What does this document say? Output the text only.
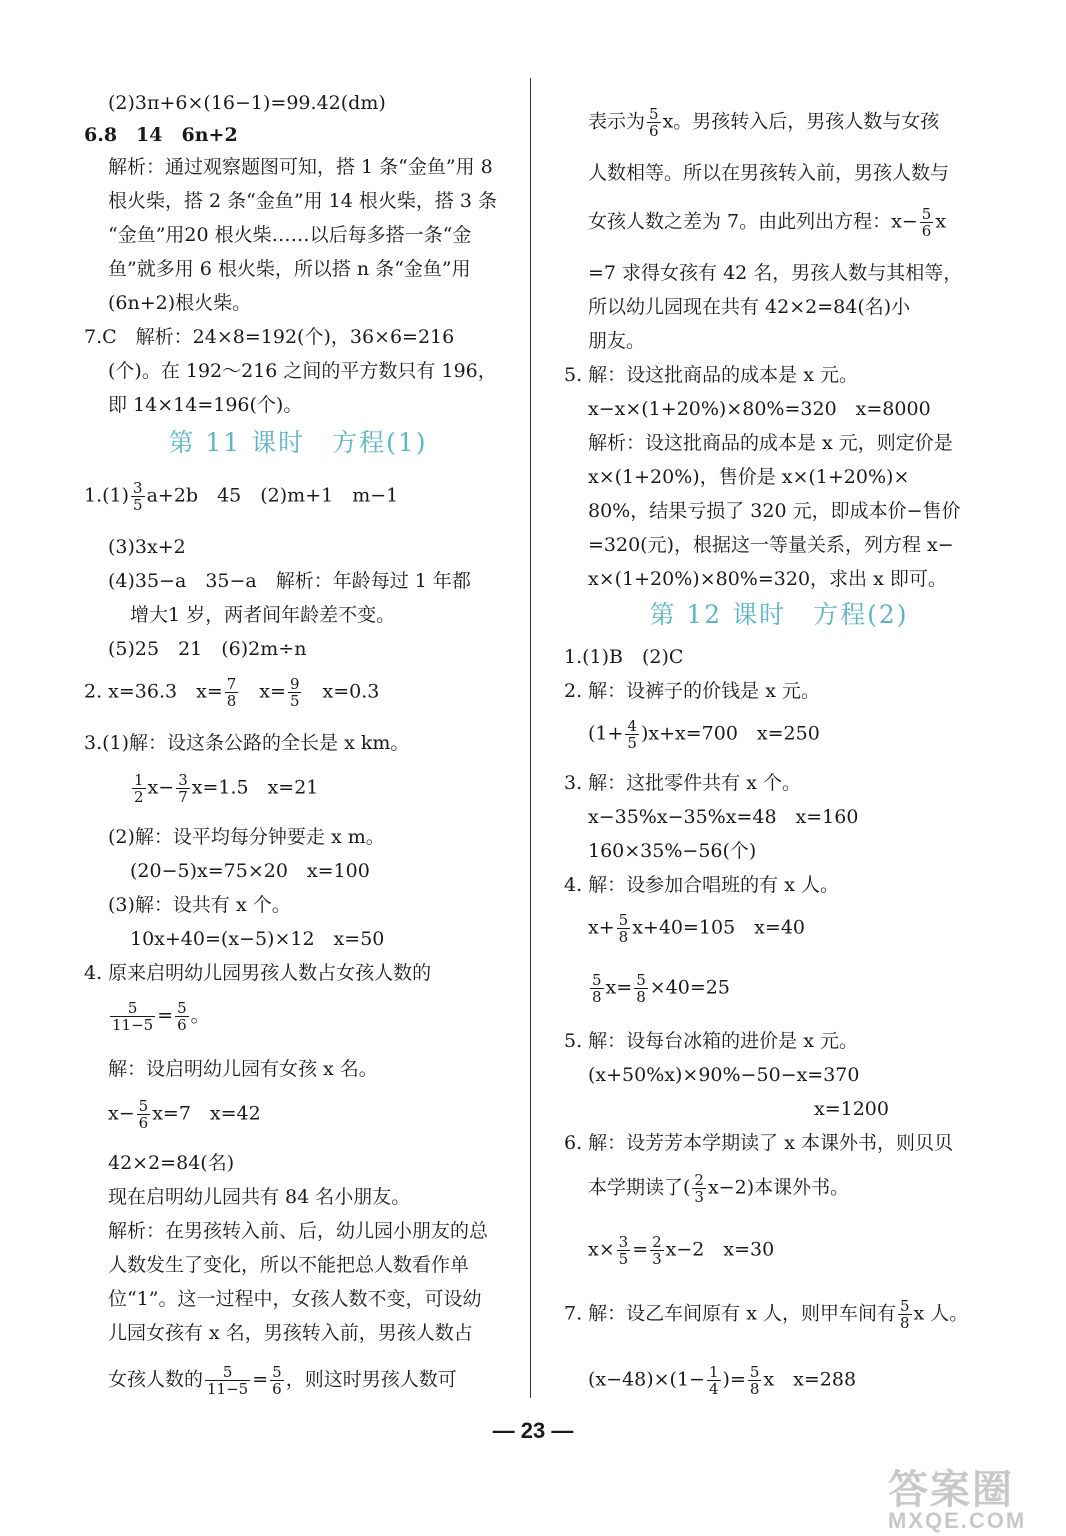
(2)3π+6×(16−1)=99.42(dm)
6.8　14　6n+2
解析：通过观察题图可知，搭 1 条“金鱼”用 8
根火柴，搭 2 条“金鱼”用 14 根火柴，搭 3 条
“金鱼”用20 根火柴……以后每多搭一条“金
鱼”就多用 6 根火柴，所以搭 n 条“金鱼”用
(6n+2)根火柴。
7.C　解析：24×8=192(个)，36×6=216
(个)。在 192～216 之间的平方数只有 196，
即 14×14=196(个)。
第 11 课时　方程(1)
$1.(1) \frac{3}{5} a+2b$　45　(2)m+1　m−1
(3)3x+2
(4)35−a　35−a　解析：年龄每过 1 年都
增大1 岁，两者间年龄差不变。
(5)25　21　(6)2m÷n
2. x=36.3　$x= \frac{7}{8}$ 　$x= \frac{9}{5}$ 　x=0.3
3.(1)解：设这条公路的全长是 x km。
$\frac{1}{2} x- \frac{3}{7} x=1.5$　x=21
(2)解：设平均每分钟要走 x m。
(20−5)x=75×20　x=100
(3)解：设共有 x 个。
10x+40=(x−5)×12　x=50
4. 原来启明幼儿园男孩人数占女孩人数的
$\frac{5}{11-5} = \frac{5}{6}$ 。
解：设启明幼儿园有女孩 x 名。
$x- \frac{5}{6} x=7$　x=42
42×2=84(名)
现在启明幼儿园共有 84 名小朋友。
解析：在男孩转入前、后，幼儿园小朋友的总
人数发生了变化，所以不能把总人数看作单
位“1”。这一过程中，女孩人数不变，可设幼
儿园女孩有 x 名，男孩转入前，男孩人数占
女孩人数的 $\frac{5}{11-5} = \frac{5}{6}$ ，则这时男孩人数可
表示为 $\frac{5}{6}$ x。男孩转入后，男孩人数与女孩
人数相等。所以在男孩转入前，男孩人数与
女孩人数之差为 7。由此列出方程：$x- \frac{5}{6}$ x
=7 求得女孩有 42 名，男孩人数与其相等，
所以幼儿园现在共有 42×2=84(名)小
朋友。
5. 解：设这批商品的成本是 x 元。
x−x×(1+20%)×80%=320　x=8000
解析：设这批商品的成本是 x 元，则定价是
x×(1+20%)，售价是 x×(1+20%)×
80%，结果亏损了 320 元，即成本价−售价
=320(元)，根据这一等量关系，列方程 x−
x×(1+20%)×80%=320，求出 x 即可。
第 12 课时　方程(2)
1.(1)B　(2)C
2. 解：设裤子的价钱是 x 元。
$(1+ \frac{4}{5} )x+x=700$　x=250
3. 解：这批零件共有 x 个。
x−35%x−35%x=48　x=160
160×35%−56(个)
4. 解：设参加合唱班的有 x 人。
$x+ \frac{5}{8} x+40=105$　x=40
$\frac{5}{8} x= \frac{5}{8} \times 40=25$
5. 解：设每台冰箱的进价是 x 元。
(x+50%x)×90%−50−x=370
x=1200
6. 解：设芳芳本学期读了 x 本课外书，则贝贝
本学期读了( $\frac{2}{3} x-2$)本课外书。
$x\times \frac{3}{5} = \frac{2}{3} x-2$　x=30
7. 解：设乙车间原有 x 人，则甲车间有 $\frac{5}{8}$ x 人。
$(x-48)\times(1- \frac{1}{4}$ )= $\frac{5}{8}$ x　x=288
— 23 —
答案圈
MXQE.COM
